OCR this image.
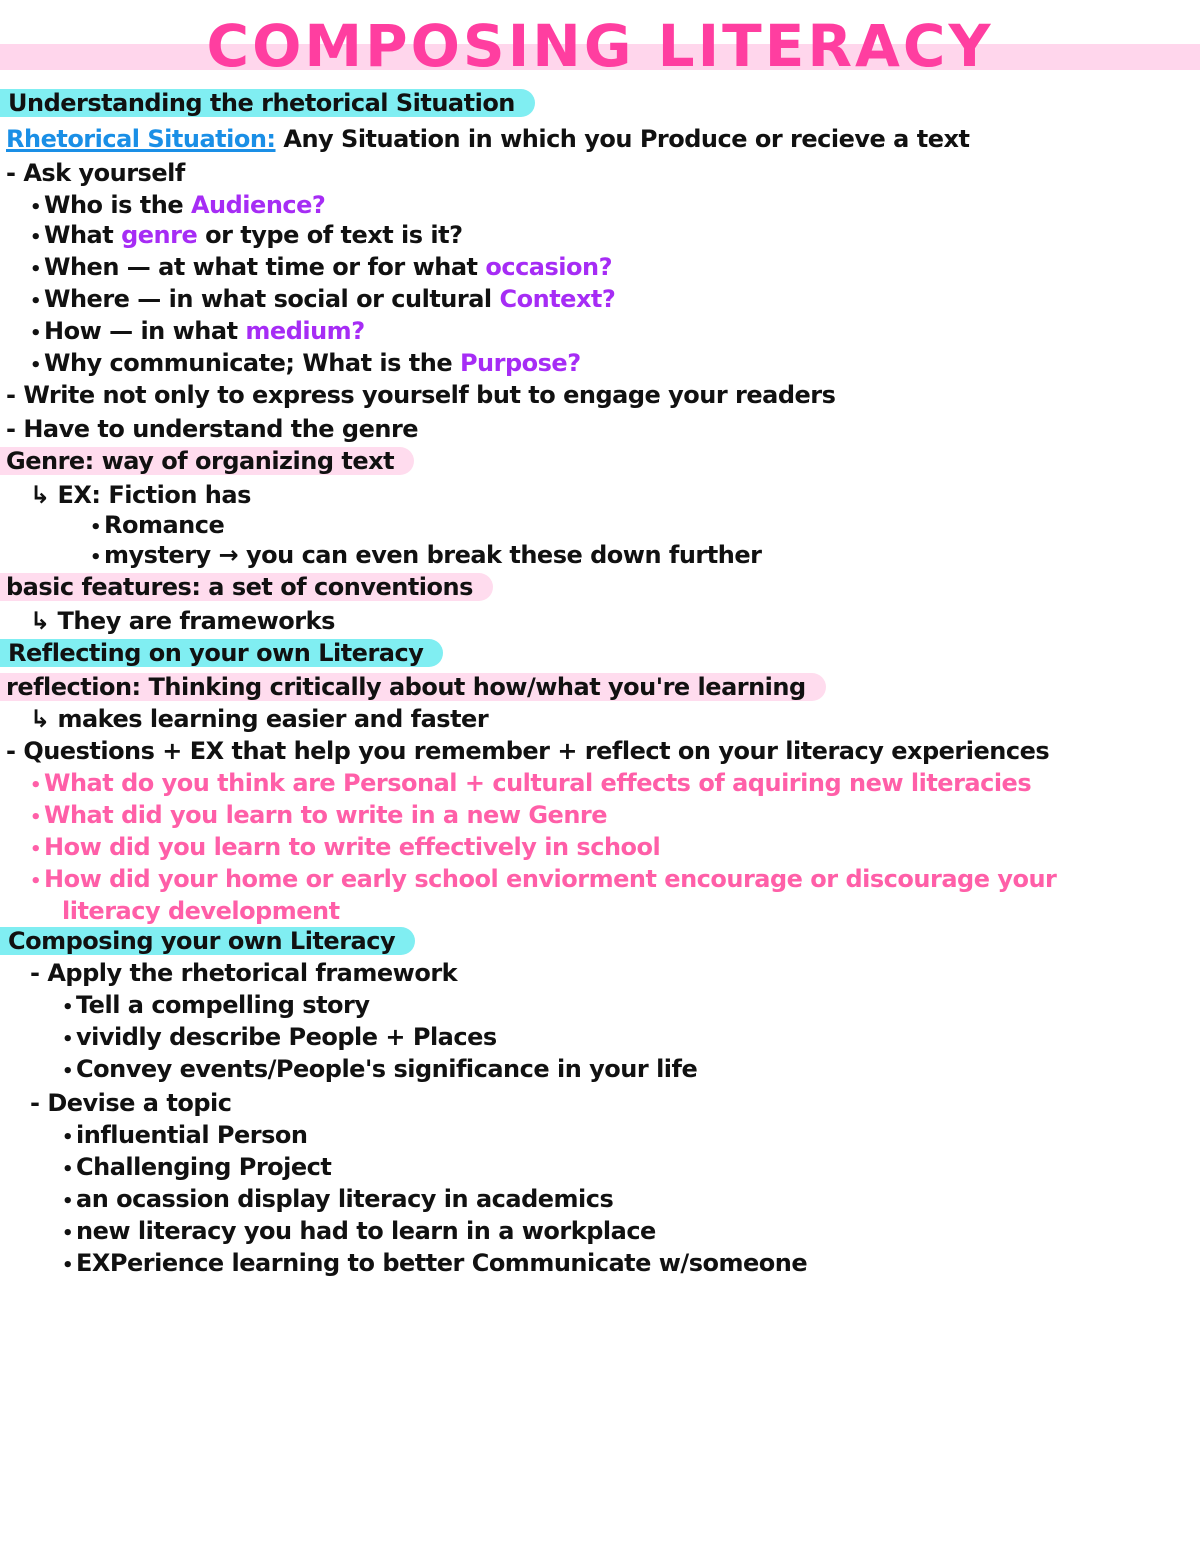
COMPOSING LITERACY
Understanding the rhetorical Situation
Rhetorical Situation: Any Situation in which you Produce or recieve a text
- Ask yourself
• Who is the Audience?
• What genre or type of text is it?
• When — at what time or for what occasion?
• Where — in what social or cultural Context?
• How — in what medium?
• Why communicate; What is the Purpose?
- Write not only to express yourself but to engage your readers
- Have to understand the genre
Genre: way of organizing text
↳ EX: Fiction has
• Romance
• mystery → you can even break these down further
basic features: a set of conventions
↳ They are frameworks
Reflecting on your own Literacy
reflection: Thinking critically about how/what you're learning
↳ makes learning easier and faster
- Questions + EX that help you remember + reflect on your literacy experiences
• What do you think are Personal + cultural effects of aquiring new literacies
• What did you learn to write in a new Genre
• How did you learn to write effectively in school
• How did your home or early school enviorment encourage or discourage your
literacy development
Composing your own Literacy
- Apply the rhetorical framework
• Tell a compelling story
• vividly describe People + Places
• Convey events/People's significance in your life
- Devise a topic
• influential Person
• Challenging Project
• an ocassion display literacy in academics
• new literacy you had to learn in a workplace
• EXPerience learning to better Communicate w/someone
